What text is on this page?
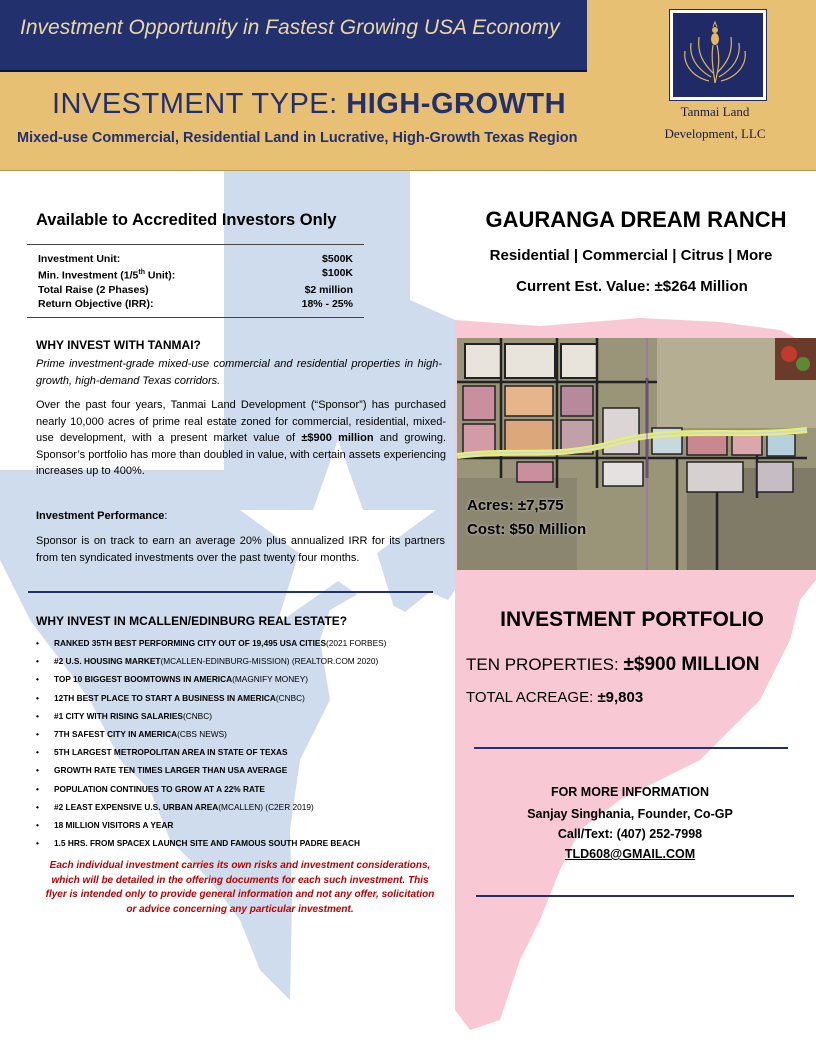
Investment Opportunity in Fastest Growing USA Economy
INVESTMENT TYPE: HIGH-GROWTH
Mixed-use Commercial, Residential Land in Lucrative, High-Growth Texas Region
Tanmai Land
Development, LLC
Available to Accredited Investors Only
Investment Unit:	$500K
Min. Investment (1/5th Unit):	$100K
Total Raise (2 Phases)	$2 million
Return Objective (IRR):	18% - 25%
WHY INVEST WITH TANMAI?
Prime investment-grade mixed-use commercial and residential properties in high-growth, high-demand Texas corridors.
Over the past four years, Tanmai Land Development (“Sponsor”) has purchased nearly 10,000 acres of prime real estate zoned for commercial, residential, mixed-use development, with a present market value of ±$900 million and growing. Sponsor’s portfolio has more than doubled in value, with certain assets experiencing increases up to 400%.
Investment Performance:
Sponsor is on track to earn an average 20% plus annualized IRR for its partners from ten syndicated investments over the past twenty four months.
WHY INVEST IN MCALLEN/EDINBURG REAL ESTATE?
•	RANKED 35TH BEST PERFORMING CITY OUT OF 19,495 USA CITIES (2021 FORBES)
•	#2 U.S. HOUSING MARKET (MCALLEN-EDINBURG-MISSION) (REALTOR.COM 2020)
•	TOP 10 BIGGEST BOOMTOWNS IN AMERICA (MAGNIFY MONEY)
•	12TH BEST PLACE TO START A BUSINESS IN AMERICA (CNBC)
•	#1 CITY WITH RISING SALARIES (CNBC)
•	7TH SAFEST CITY IN AMERICA (CBS NEWS)
•	5TH LARGEST METROPOLITAN AREA IN STATE OF TEXAS
•	GROWTH RATE TEN TIMES LARGER THAN USA AVERAGE
•	POPULATION CONTINUES TO GROW AT A 22% RATE
•	#2 LEAST EXPENSIVE U.S. URBAN AREA (MCALLEN) (C2ER 2019)
•	18 MILLION VISITORS A YEAR
•	1.5 HRS. FROM SPACEX LAUNCH SITE AND FAMOUS SOUTH PADRE BEACH
Each individual investment carries its own risks and investment considerations, which will be detailed in the offering documents for each such investment. This flyer is intended only to provide general information and not any offer, solicitation or advice concerning any particular investment.
GAURANGA DREAM RANCH
Residential | Commercial | Citrus | More
Current Est. Value: ±$264 Million
Acres: ±7,575
Cost: $50 Million
INVESTMENT PORTFOLIO
TEN PROPERTIES: ±$900 MILLION
TOTAL ACREAGE: ±9,803
FOR MORE INFORMATION
Sanjay Singhania, Founder, Co-GP
Call/Text: (407) 252-7998
TLD608@GMAIL.COM
